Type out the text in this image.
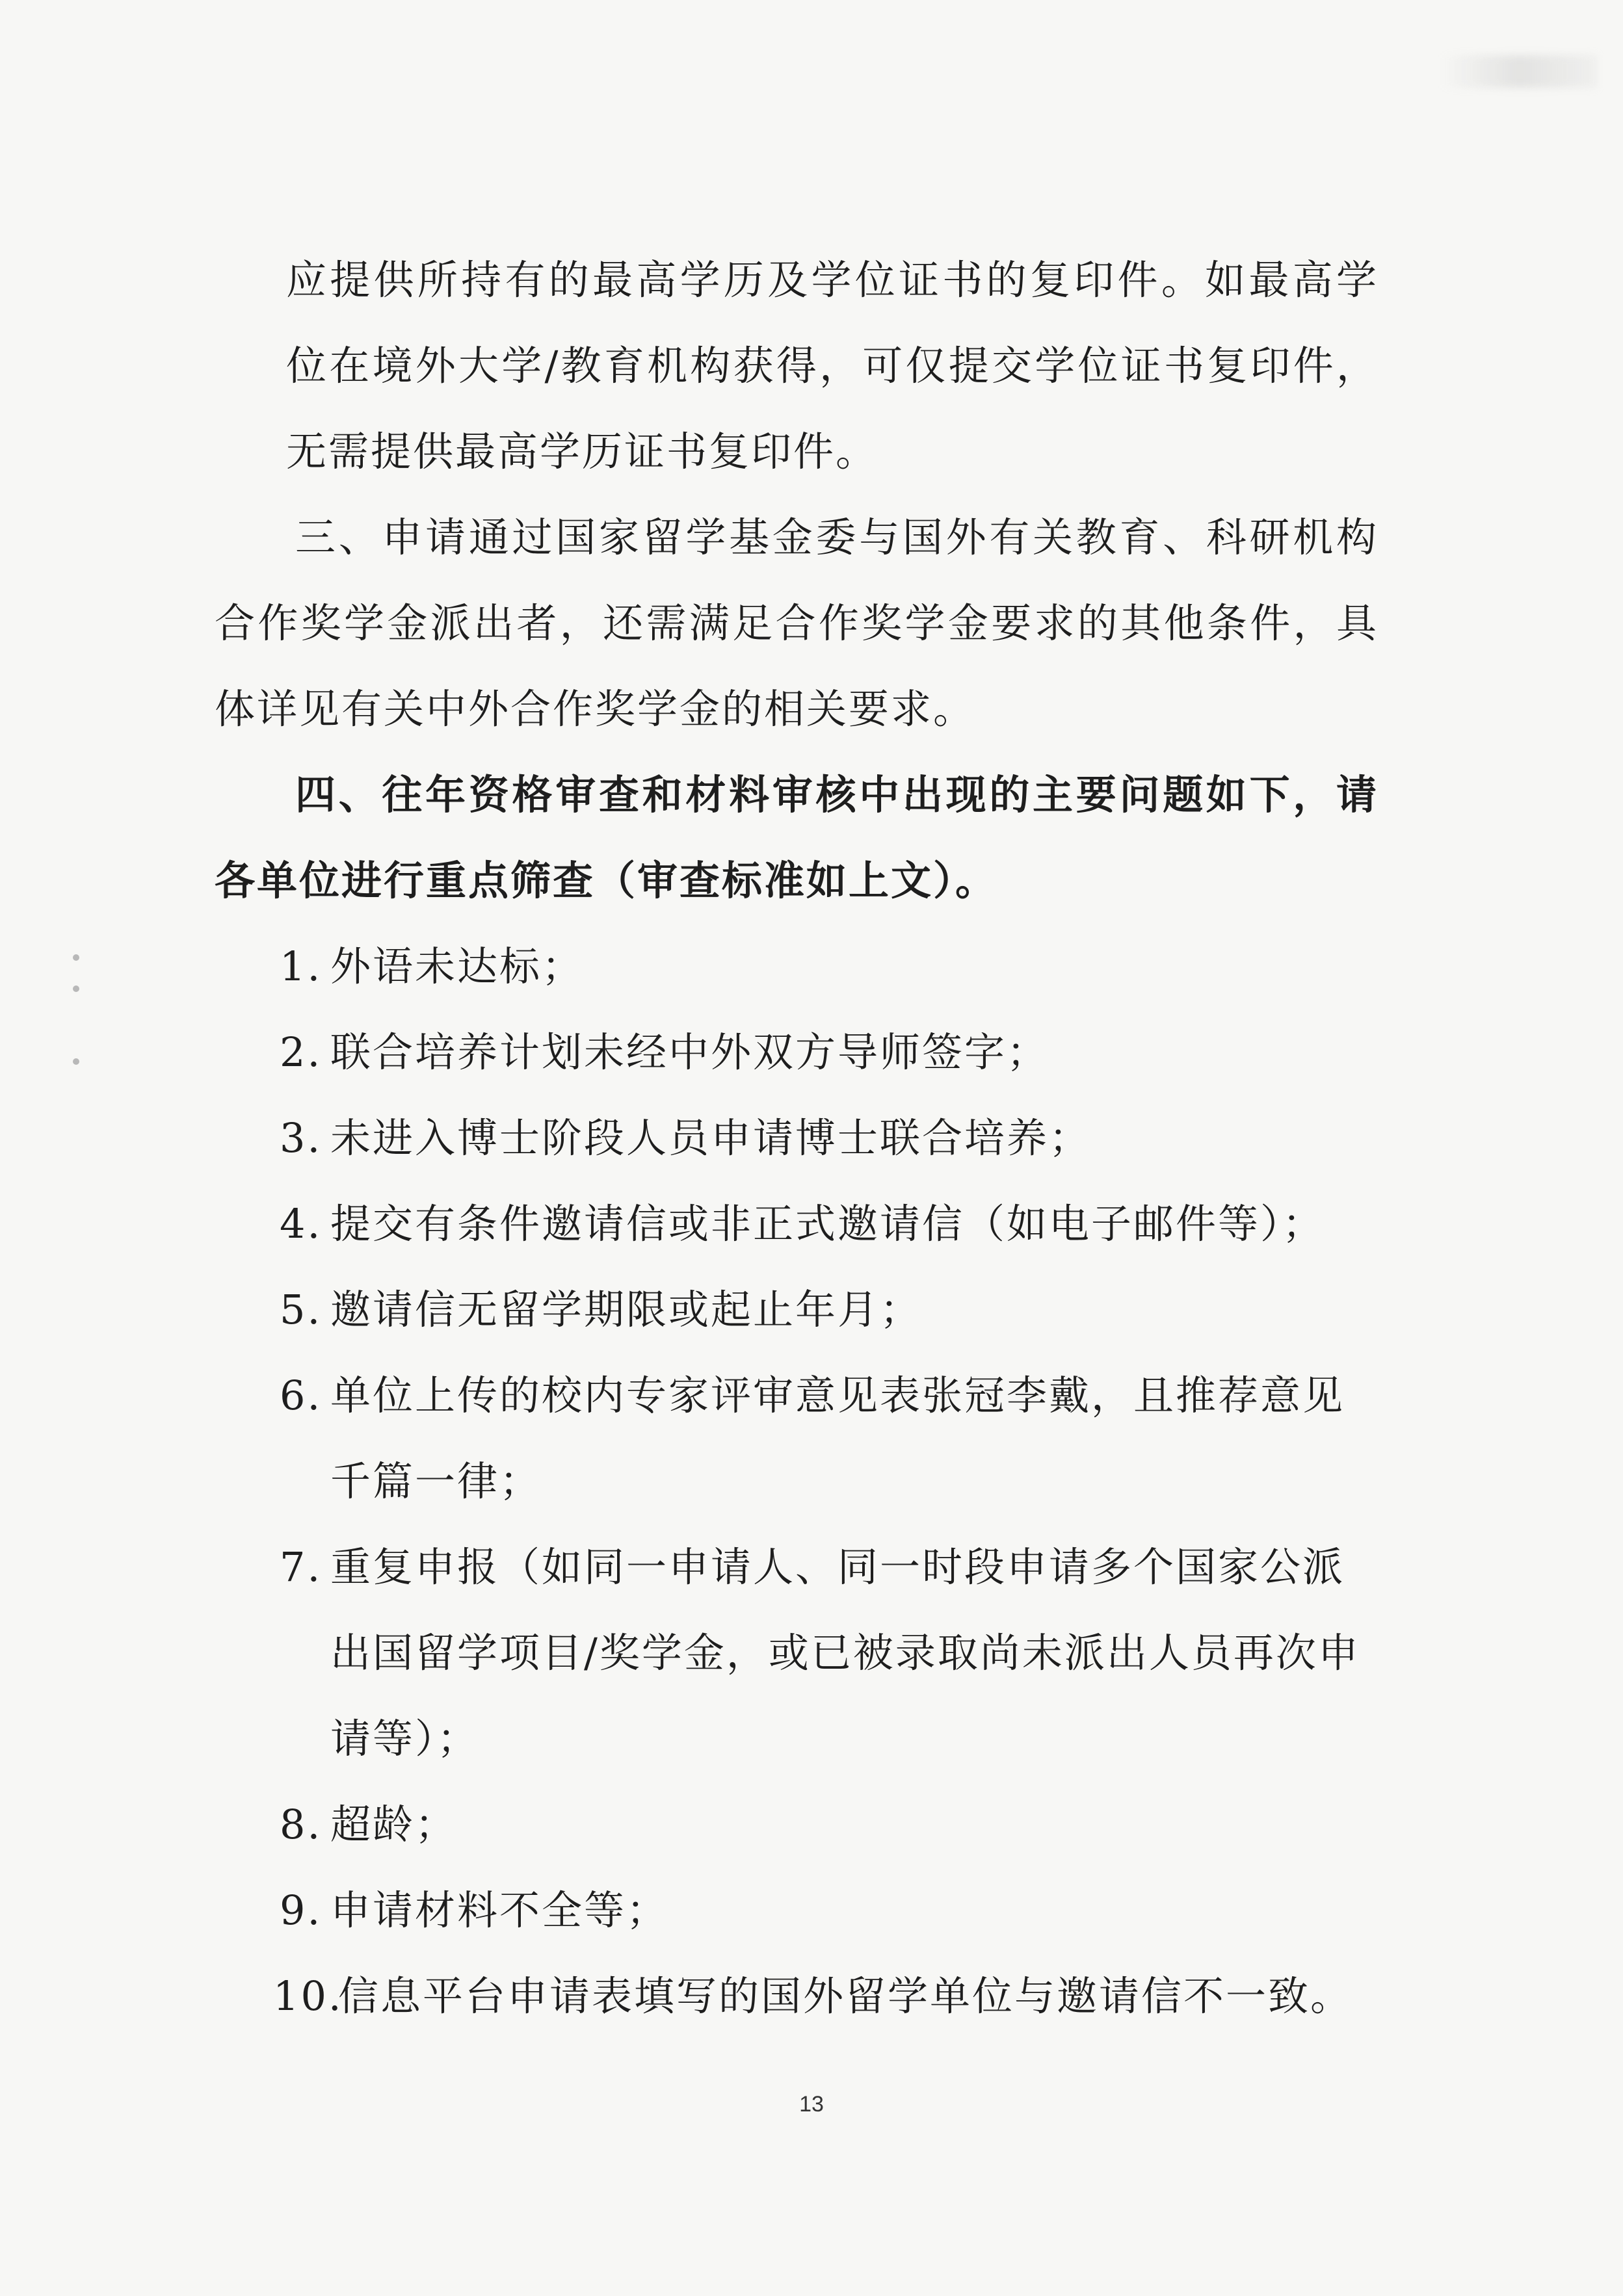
应提供所持有的最高学历及学位证书的复印件。如最高学位在境外大学/教育机构获得，可仅提交学位证书复印件，无需提供最高学历证书复印件。

三、申请通过国家留学基金委与国外有关教育、科研机构合作奖学金派出者，还需满足合作奖学金要求的其他条件，具体详见有关中外合作奖学金的相关要求。

四、往年资格审查和材料审核中出现的主要问题如下，请各单位进行重点筛查（审查标准如上文）。

1. 外语未达标；
2. 联合培养计划未经中外双方导师签字；
3. 未进入博士阶段人员申请博士联合培养；
4. 提交有条件邀请信或非正式邀请信（如电子邮件等）；
5. 邀请信无留学期限或起止年月；
6. 单位上传的校内专家评审意见表张冠李戴，且推荐意见千篇一律；
7. 重复申报（如同一申请人、同一时段申请多个国家公派出国留学项目/奖学金，或已被录取尚未派出人员再次申请等）；
8. 超龄；
9. 申请材料不全等；
10.
信息平台申请表填写的国外留学单位与邀请信不一致。
13
